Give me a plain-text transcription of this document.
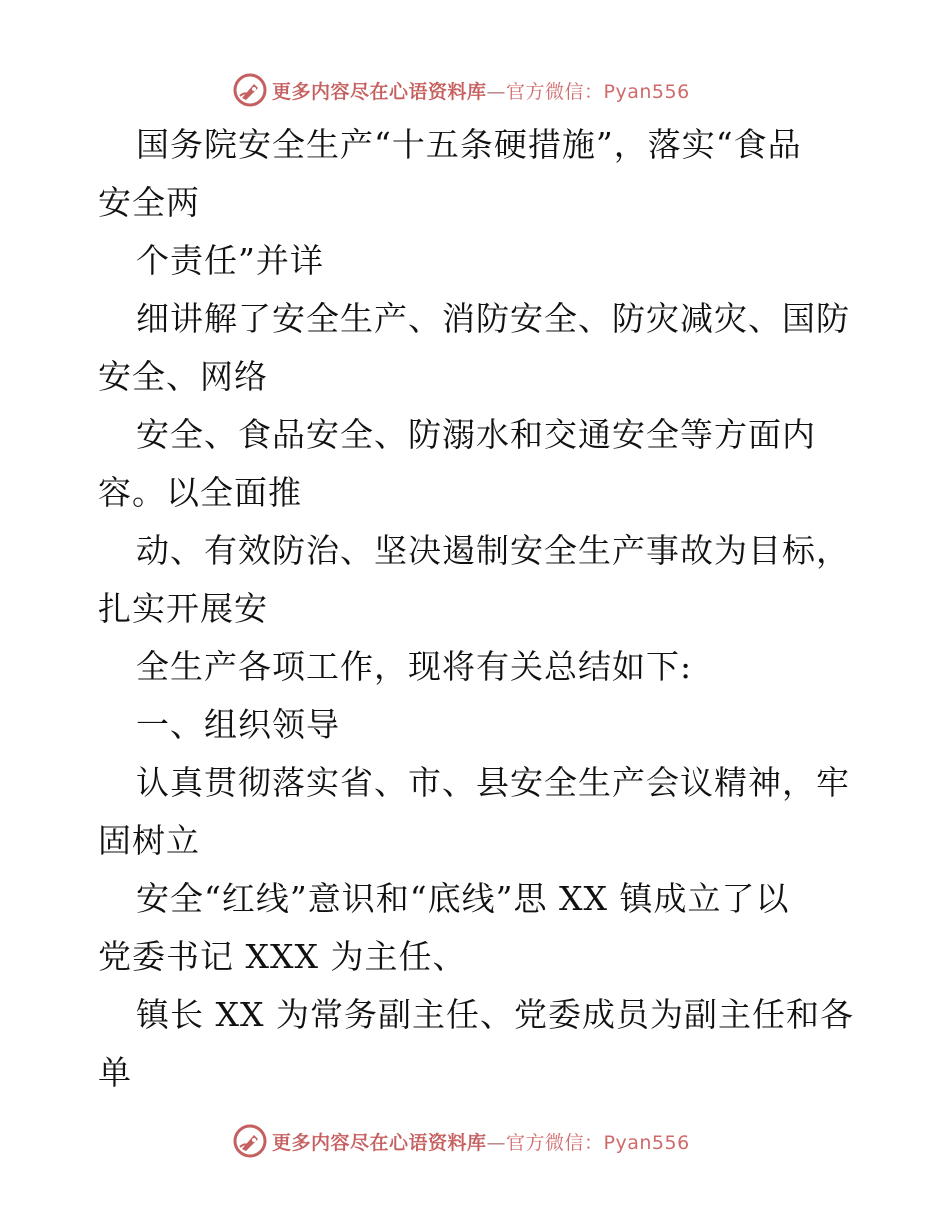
更多内容尽在心语资料库—官方微信：Pyan556
国务院安全生产“十五条硬措施”，落实“食品
安全两
个责任”并详
细讲解了安全生产、消防安全、防灾减灾、国防
安全、网络
安全、食品安全、防溺水和交通安全等方面内
容。以全面推
动、有效防治、坚决遏制安全生产事故为目标，
扎实开展安
全生产各项工作，现将有关总结如下:
一、组织领导
认真贯彻落实省、市、县安全生产会议精神，牢
固树立
安全“红线”意识和“底线”思 XX 镇成立了以
党委书记 XXX 为主任、
镇长 XX 为常务副主任、党委成员为副主任和各
单
更多内容尽在心语资料库—官方微信：Pyan556
